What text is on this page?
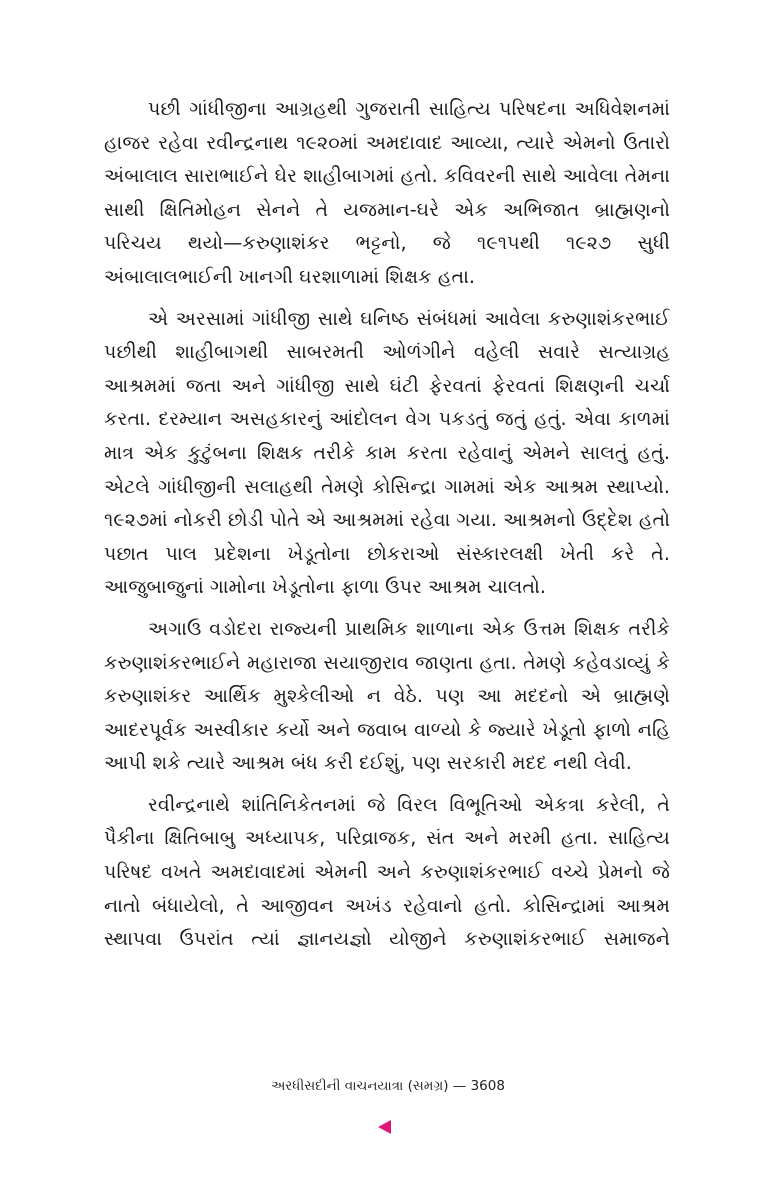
પછી ગાંધીજીના આગ્રહથી ગુજરાતી સાહિત્ય પરિષદના અધિવેશનમાં હાજર રહેવા રવીન્દ્રનાથ ૧૯૨૦માં અમદાવાદ આવ્યા, ત્યારે એમનો ઉતારો અંબાલાલ સારાભાઈને ઘેર શાહીબાગમાં હતો. કવિવરની સાથે આવેલા તેમના સાથી ક્ષિતિમોહન સેનને તે યજમાન-ઘરે એક અભિજાત બ્રાહ્મણનો પરિચય થયો—કરુણાશંકર ભટ્ટનો, જે ૧૯૧૫થી ૧૯૨૭ સુધી અંબાલાલભાઈની ખાનગી ઘરશાળામાં શિક્ષક હતા.

એ અરસામાં ગાંધીજી સાથે ઘનિષ્ઠ સંબંધમાં આવેલા કરુણાશંકરભાઈ પછીથી શાહીબાગથી સાબરમતી ઓળંગીને વહેલી સવારે સત્યાગ્રહ આશ્રમમાં જતા અને ગાંધીજી સાથે ઘંટી ફેરવતાં ફેરવતાં શિક્ષણની ચર્ચા કરતા. દરમ્યાન અસહકારનું આંદોલન વેગ પકડતું જતું હતું. એવા કાળમાં માત્ર એક કુટુંબના શિક્ષક તરીકે કામ કરતા રહેવાનું એમને સાલતું હતું. એટલે ગાંધીજીની સલાહથી તેમણે કોસિન્દ્રા ગામમાં એક આશ્રમ સ્થાપ્યો. ૧૯૨૭માં નોકરી છોડી પોતે એ આશ્રમમાં રહેવા ગયા. આશ્રમનો ઉદ્દેશ હતો પછાત પાલ પ્રદેશના ખેડૂતોના છોકરાઓ સંસ્કારલક્ષી ખેતી કરે તે. આજુબાજુનાં ગામોના ખેડૂતોના ફાળા ઉપર આશ્રમ ચાલતો.

અગાઉ વડોદરા રાજ્યની પ્રાથમિક શાળાના એક ઉત્તમ શિક્ષક તરીકે કરુણાશંકરભાઈને મહારાજા સયાજીરાવ જાણતા હતા. તેમણે કહેવડાવ્યું કે કરુણાશંકર આર્થિક મુશ્કેલીઓ ન વેઠે. પણ આ મદદનો એ બ્રાહ્મણે આદરપૂર્વક અસ્વીકાર કર્યો અને જવાબ વાળ્યો કે જ્યારે ખેડૂતો ફાળો નહિ આપી શકે ત્યારે આશ્રમ બંધ કરી દઈશું, પણ સરકારી મદદ નથી લેવી.

રવીન્દ્રનાથે શાંતિનિકેતનમાં જે વિરલ વિભૂતિઓ એકત્રા કરેલી, તે પૈકીના ક્ષિતિબાબુ અધ્યાપક, પરિવ્રાજક, સંત અને મરમી હતા. સાહિત્ય પરિષદ વખતે અમદાવાદમાં એમની અને કરુણાશંકરભાઈ વચ્ચે પ્રેમનો જે નાતો બંધાયેલો, તે આજીવન અખંડ રહેવાનો હતો. કોસિન્દ્રામાં આશ્રમ સ્થાપવા ઉપરાંત ત્યાં જ્ઞાનયજ્ઞો યોજીને કરુણાશંકરભાઈ સમાજને

અરધીસદીની વાચનયાત્રા (સમગ્ર) — 3608
